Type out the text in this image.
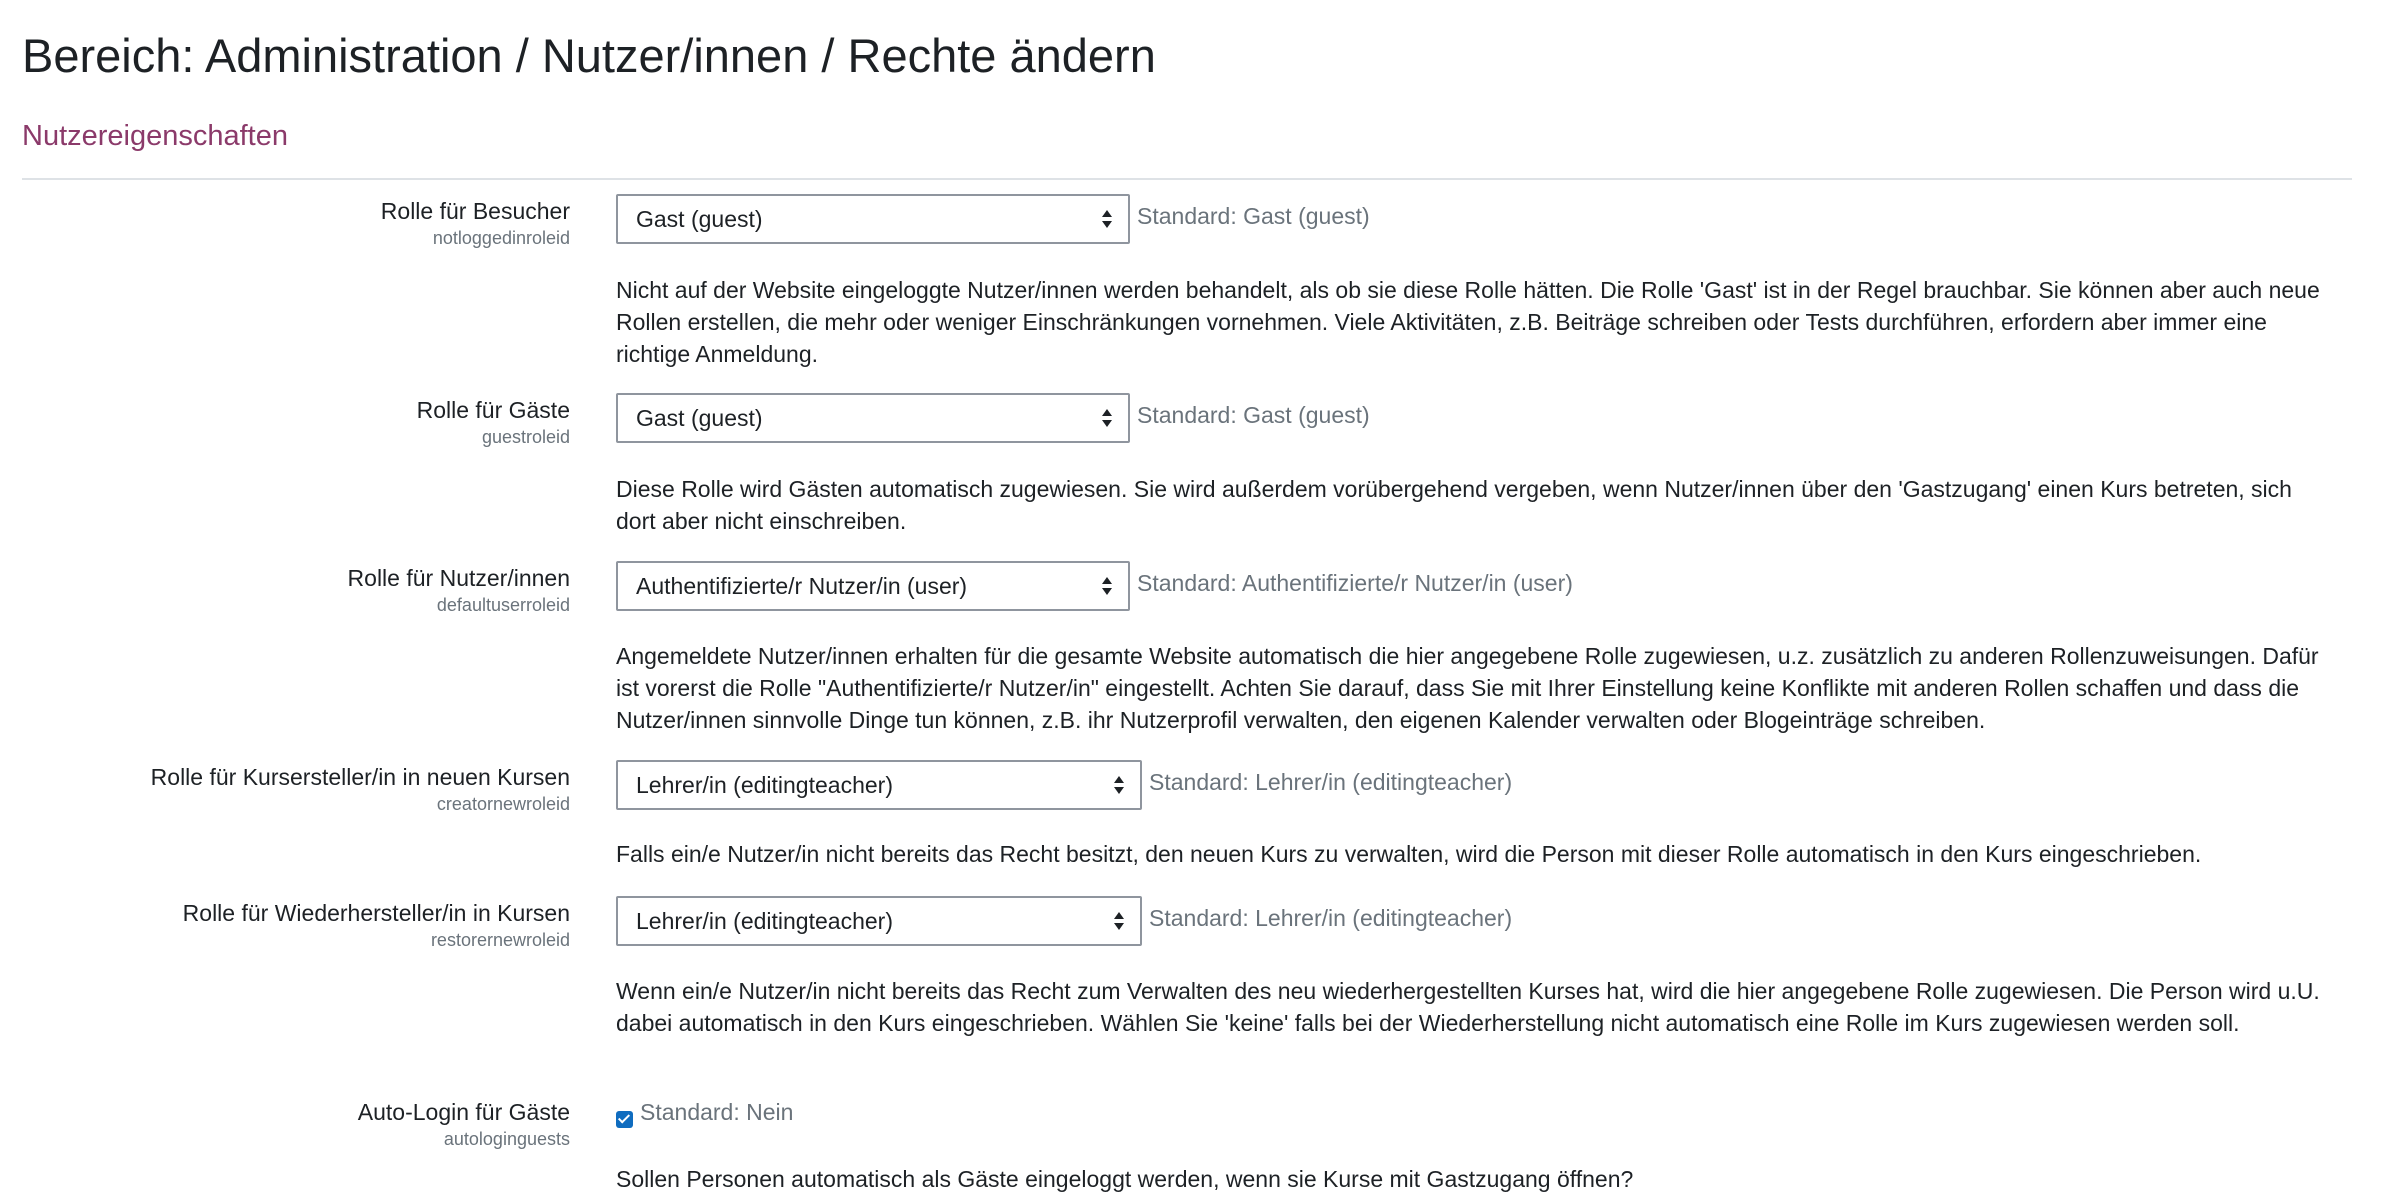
Bereich: Administration / Nutzer/innen / Rechte ändern
Nutzereigenschaften
Rolle für Besucher
notloggedinroleid
Gast (guest)	Standard: Gast (guest)

Nicht auf der Website eingeloggte Nutzer/innen werden behandelt, als ob sie diese Rolle hätten. Die Rolle 'Gast' ist in der Regel brauchbar. Sie können aber auch neue Rollen erstellen, die mehr oder weniger Einschränkungen vornehmen. Viele Aktivitäten, z.B. Beiträge schreiben oder Tests durchführen, erfordern aber immer eine richtige Anmeldung.

Rolle für Gäste
guestroleid
Gast (guest)	Standard: Gast (guest)

Diese Rolle wird Gästen automatisch zugewiesen. Sie wird außerdem vorübergehend vergeben, wenn Nutzer/innen über den 'Gastzugang' einen Kurs betreten, sich dort aber nicht einschreiben.

Rolle für Nutzer/innen
defaultuserroleid
Authentifizierte/r Nutzer/in (user)	Standard: Authentifizierte/r Nutzer/in (user)

Angemeldete Nutzer/innen erhalten für die gesamte Website automatisch die hier angegebene Rolle zugewiesen, u.z. zusätzlich zu anderen Rollenzuweisungen. Dafür ist vorerst die Rolle "Authentifizierte/r Nutzer/in" eingestellt. Achten Sie darauf, dass Sie mit Ihrer Einstellung keine Konflikte mit anderen Rollen schaffen und dass die Nutzer/innen sinnvolle Dinge tun können, z.B. ihr Nutzerprofil verwalten, den eigenen Kalender verwalten oder Blogeinträge schreiben.

Rolle für Kursersteller/in in neuen Kursen
creatornewroleid
Lehrer/in (editingteacher)	Standard: Lehrer/in (editingteacher)

Falls ein/e Nutzer/in nicht bereits das Recht besitzt, den neuen Kurs zu verwalten, wird die Person mit dieser Rolle automatisch in den Kurs eingeschrieben.

Rolle für Wiederhersteller/in in Kursen
restorernewroleid
Lehrer/in (editingteacher)	Standard: Lehrer/in (editingteacher)

Wenn ein/e Nutzer/in nicht bereits das Recht zum Verwalten des neu wiederhergestellten Kurses hat, wird die hier angegebene Rolle zugewiesen. Die Person wird u.U. dabei automatisch in den Kurs eingeschrieben. Wählen Sie 'keine' falls bei der Wiederherstellung nicht automatisch eine Rolle im Kurs zugewiesen werden soll.

Auto-Login für Gäste
autologinguests
Standard: Nein

Sollen Personen automatisch als Gäste eingeloggt werden, wenn sie Kurse mit Gastzugang öffnen?
